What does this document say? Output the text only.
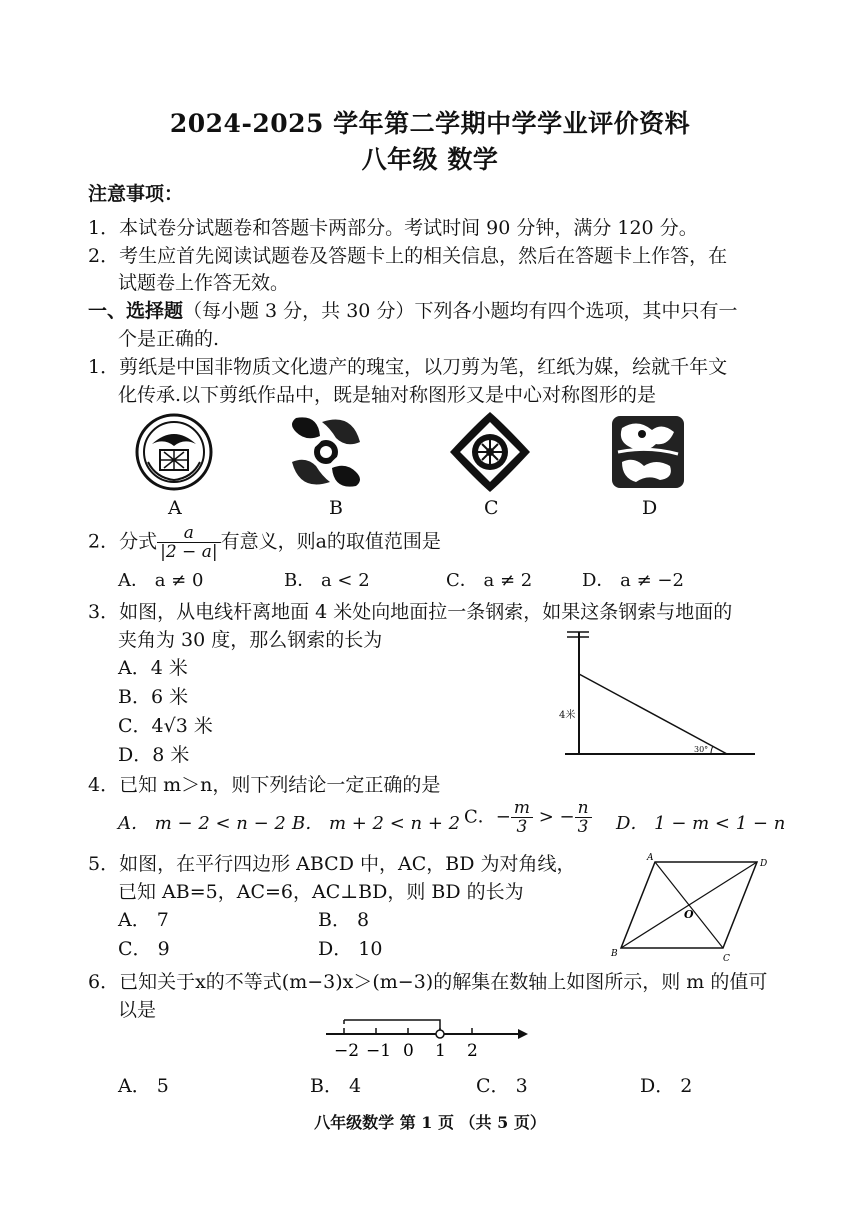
2024-2025 学年第二学期中学学业评价资料
八年级 数学
注意事项：
1．本试卷分试题卷和答题卡两部分。考试时间 90 分钟，满分 120 分。
2．考生应首先阅读试题卷及答题卡上的相关信息，然后在答题卡上作答，在
试题卷上作答无效。
一、选择题（每小题 3 分，共 30 分）下列各小题均有四个选项，其中只有一
个是正确的.
1．剪纸是中国非物质文化遗产的瑰宝，以刀剪为笔，红纸为媒，绘就千年文
化传承.以下剪纸作品中，既是轴对称图形又是中心对称图形的是
A	B	C	D
2．分式 $\frac{a}{|2 - a|}$ 有意义，则a的取值范围是
A． a ≠ 0	B． a < 2	C． a ≠ 2	D． a ≠ −2
3．如图，从电线杆离地面 4 米处向地面拉一条钢索，如果这条钢索与地面的
夹角为 30 度，那么钢索的长为
A．4 米
B．6 米
C．4√3 米
D．8 米
4米
30°
4．已知 m＞n，则下列结论一定正确的是
A． m − 2 < n − 2 B． m + 2 < n + 2 C．− $\frac{m}{3}$ > − $\frac{n}{3}$ D． 1 − m < 1 − n
5．如图，在平行四边形 ABCD 中，AC，BD 为对角线，
已知 AB=5，AC=6，AC⊥BD，则 BD 的长为
A． 7	B． 8
C． 9	D． 10
A
B	C
D
O
6．已知关于x的不等式(m−3)x＞(m−3)的解集在数轴上如图所示，则 m 的值可
以是
−2 −1 0 1 2
A． 5	B． 4	C． 3	D． 2
八年级数学 第 1 页 （共 5 页）
